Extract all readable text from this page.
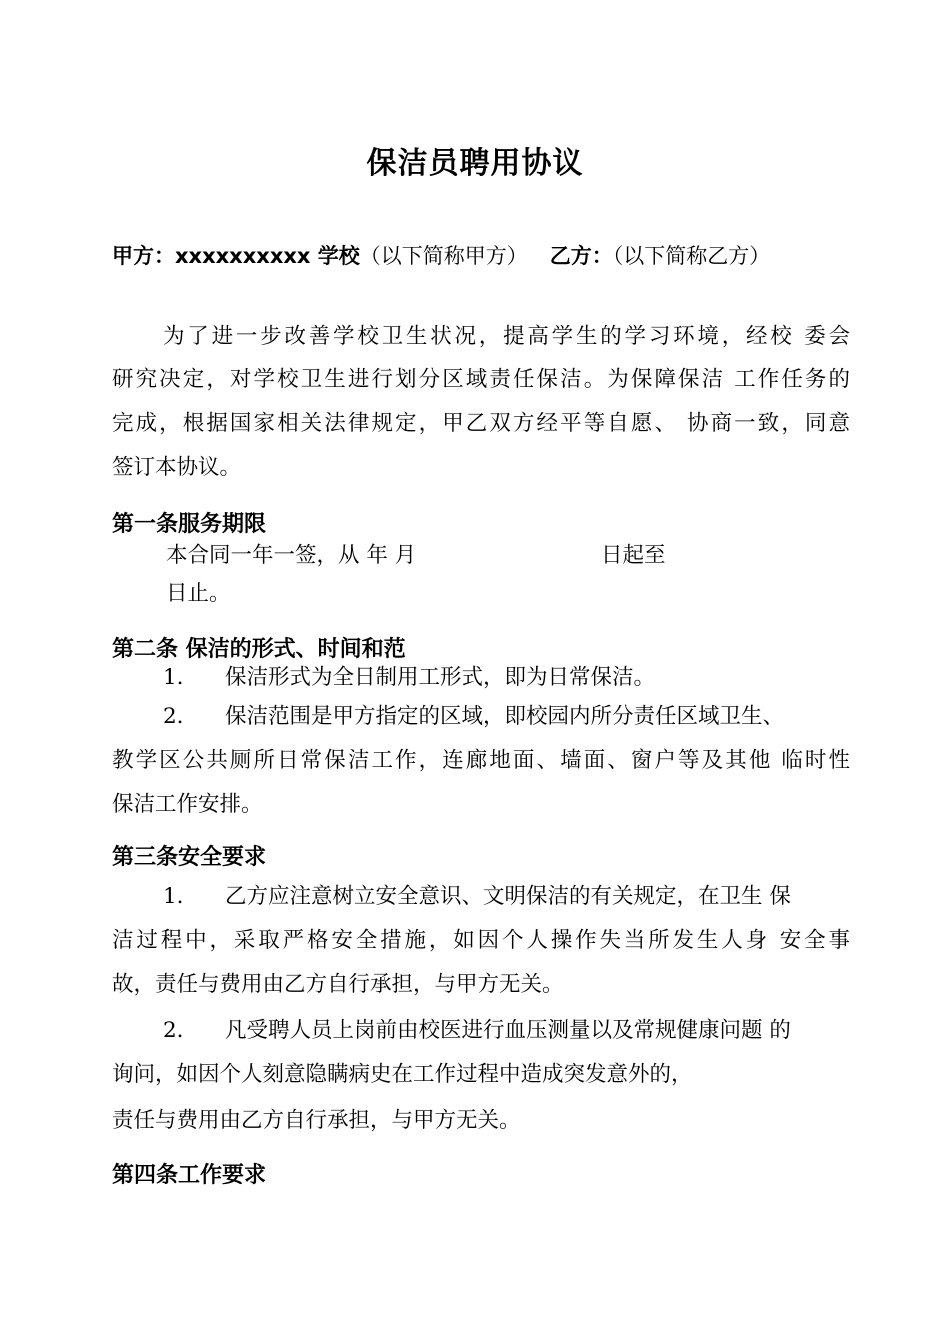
保洁员聘用协议
甲方：xxxxxxxxxx 学校（以下简称甲方） 乙方：（以下简称乙方）
为了进一步改善学校卫生状况，提高学生的学习环境，经校 委会
研究决定，对学校卫生进行划分区域责任保洁。为保障保洁 工作任务的
完成，根据国家相关法律规定，甲乙双方经平等自愿、 协商一致，同意
签订本协议。
第一条服务期限
本合同一年一签，从 年 月	日起至
日止。
第二条 保洁的形式、时间和范
1. 保洁形式为全日制用工形式，即为日常保洁。
2. 保洁范围是甲方指定的区域，即校园内所分责任区域卫生、
教学区公共厕所日常保洁工作，连廊地面、墙面、窗户等及其他 临时性
保洁工作安排。
第三条安全要求
1. 乙方应注意树立安全意识、文明保洁的有关规定，在卫生 保
洁过程中，采取严格安全措施，如因个人操作失当所发生人身 安全事
故，责任与费用由乙方自行承担，与甲方无关。
2. 凡受聘人员上岗前由校医进行血压测量以及常规健康问题 的
询问，如因个人刻意隐瞒病史在工作过程中造成突发意外的，
责任与费用由乙方自行承担，与甲方无关。
第四条工作要求
